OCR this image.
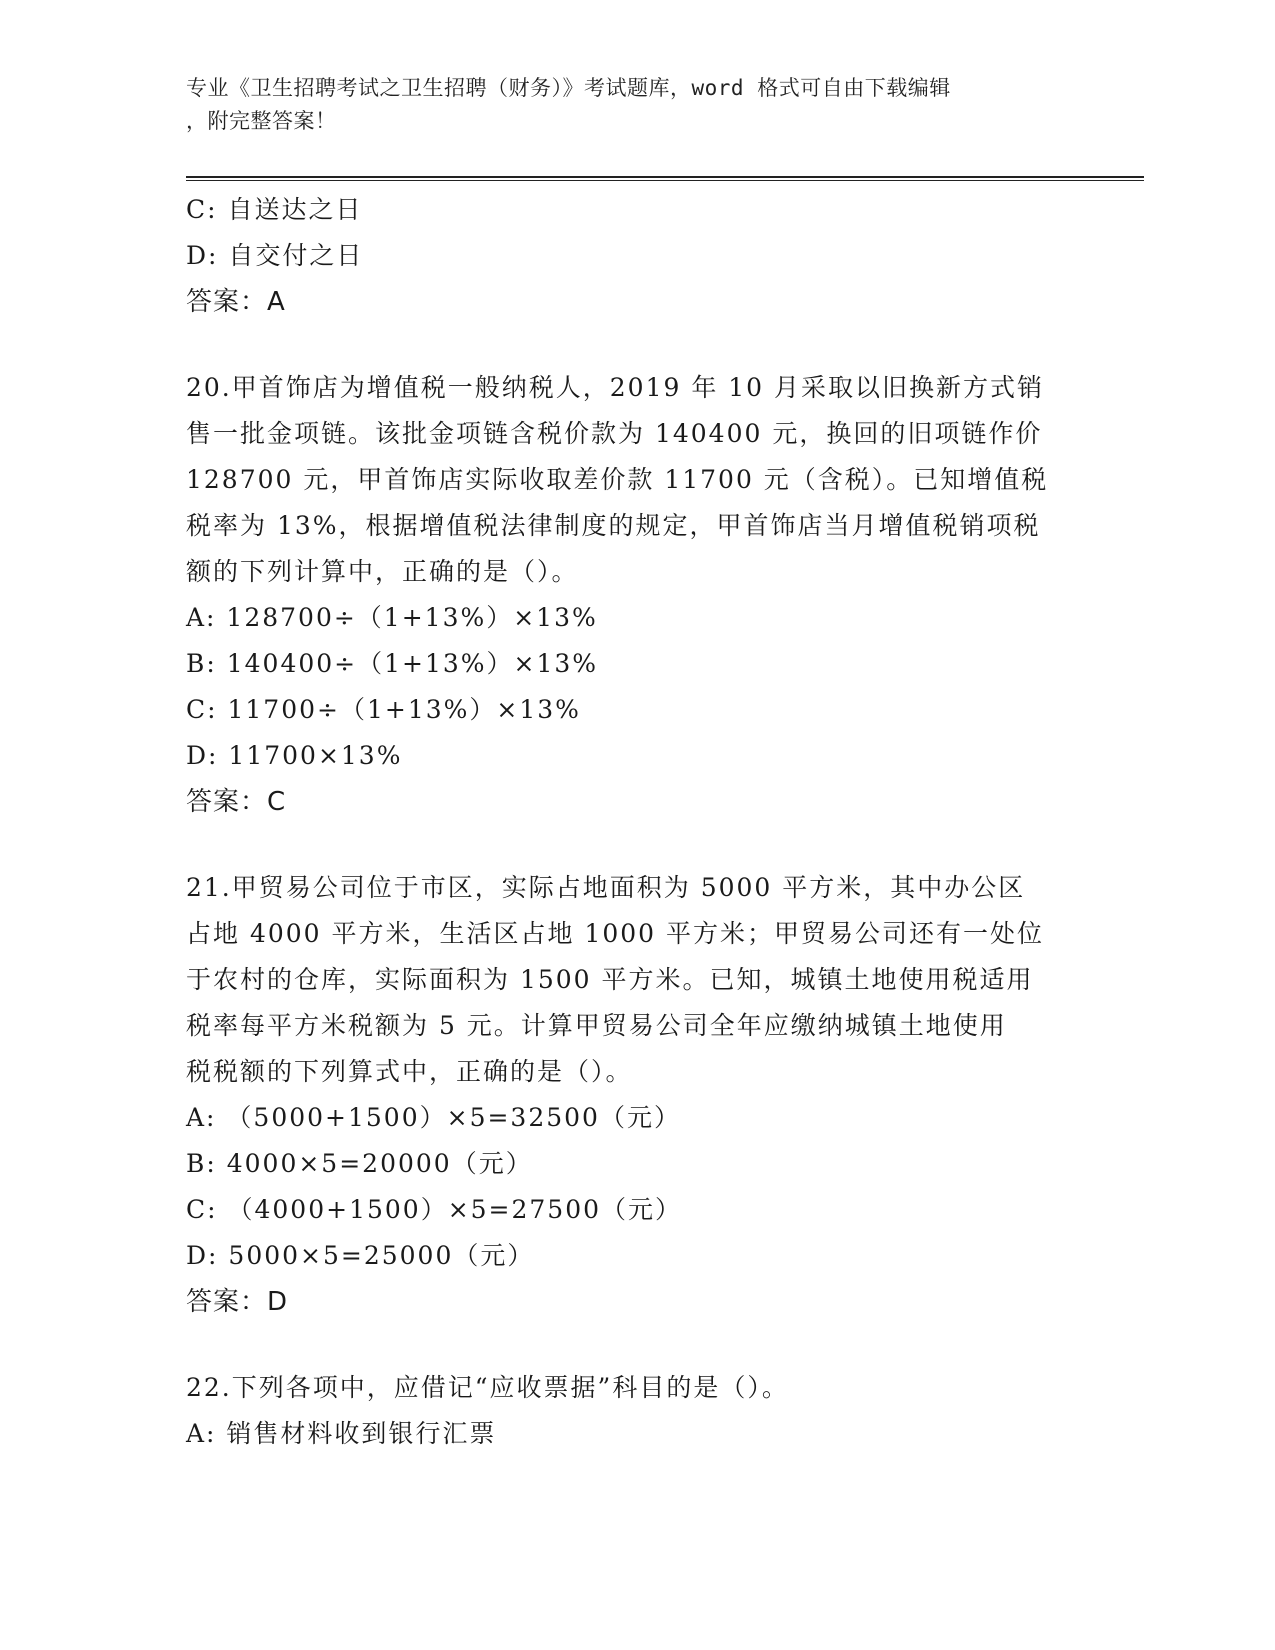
专业《卫生招聘考试之卫生招聘（财务）》考试题库，word 格式可自由下载编辑
，附完整答案！
C: 自送达之日
D: 自交付之日
答案：A
20.甲首饰店为增值税一般纳税人，2019 年 10 月采取以旧换新方式销
售一批金项链。该批金项链含税价款为 140400 元，换回的旧项链作价
128700 元，甲首饰店实际收取差价款 11700 元（含税）。已知增值税
税率为 13%，根据增值税法律制度的规定，甲首饰店当月增值税销项税
额的下列计算中，正确的是（）。
A: 128700÷（1+13%）×13%
B: 140400÷（1+13%）×13%
C: 11700÷（1+13%）×13%
D: 11700×13%
答案：C
21.甲贸易公司位于市区，实际占地面积为 5000 平方米，其中办公区
占地 4000 平方米，生活区占地 1000 平方米；甲贸易公司还有一处位
于农村的仓库，实际面积为 1500 平方米。已知，城镇土地使用税适用
税率每平方米税额为 5 元。计算甲贸易公司全年应缴纳城镇土地使用
税税额的下列算式中，正确的是（）。
A: （5000+1500）×5=32500（元）
B: 4000×5=20000（元）
C: （4000+1500）×5=27500（元）
D: 5000×5=25000（元）
答案：D
22.下列各项中，应借记“应收票据”科目的是（）。
A: 销售材料收到银行汇票
